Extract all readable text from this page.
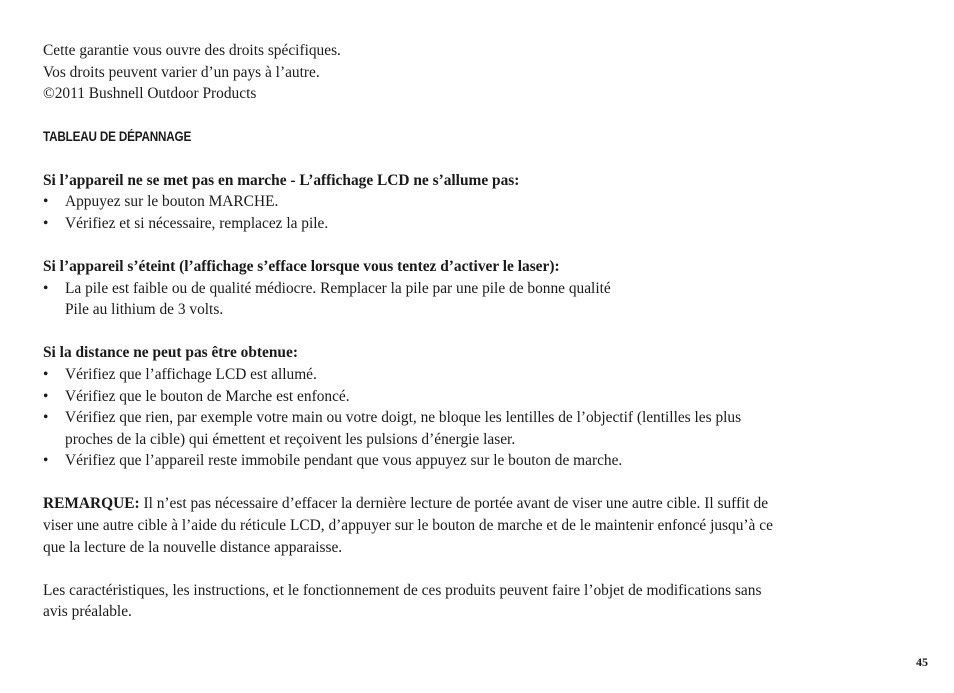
Cette garantie vous ouvre des droits spécifiques.
Vos droits peuvent varier d’un pays à l’autre.
©2011 Bushnell Outdoor Products
TABLEAU DE DÉPANNAGE
Si l’appareil ne se met pas en marche - L’affichage LCD ne s’allume pas:
• Appuyez sur le bouton MARCHE.
• Vérifiez et si nécessaire, remplacez la pile.
Si l’appareil s’éteint (l’affichage s’efface lorsque vous tentez d’activer le laser):
• La pile est faible ou de qualité médiocre. Remplacer la pile par une pile de bonne qualité
Pile au lithium de 3 volts.
Si la distance ne peut pas être obtenue:
• Vérifiez que l’affichage LCD est allumé.
• Vérifiez que le bouton de Marche est enfoncé.
• Vérifiez que rien, par exemple votre main ou votre doigt, ne bloque les lentilles de l’objectif (lentilles les plus
proches de la cible) qui émettent et reçoivent les pulsions d’énergie laser.
• Vérifiez que l’appareil reste immobile pendant que vous appuyez sur le bouton de marche.
REMARQUE: Il n’est pas nécessaire d’effacer la dernière lecture de portée avant de viser une autre cible. Il suffit de
viser une autre cible à l’aide du réticule LCD, d’appuyer sur le bouton de marche et de le maintenir enfoncé jusqu’à ce
que la lecture de la nouvelle distance apparaisse.
Les caractéristiques, les instructions, et le fonctionnement de ces produits peuvent faire l’objet de modifications sans
avis préalable.
45
